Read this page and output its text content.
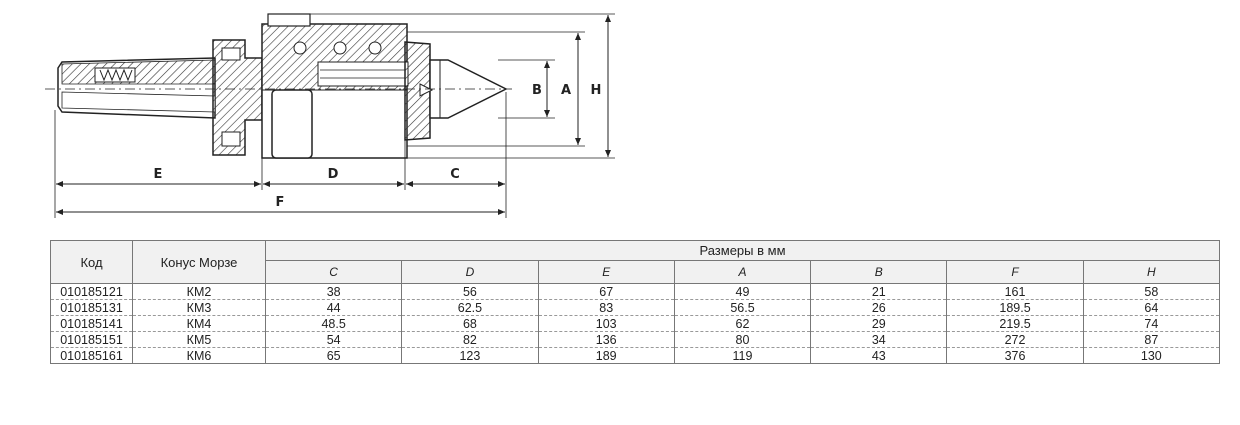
E	D	C
F
B A H
Код	Конус Морзе	Размеры в мм						
		C	D	E	A	B	F	H
010185121	КМ2	38	56	67	49	21	161	58
010185131	КМ3	44	62.5	83	56.5	26	189.5	64
010185141	КМ4	48.5	68	103	62	29	219.5	74
010185151	КМ5	54	82	136	80	34	272	87
010185161	КМ6	65	123	189	119	43	376	130
